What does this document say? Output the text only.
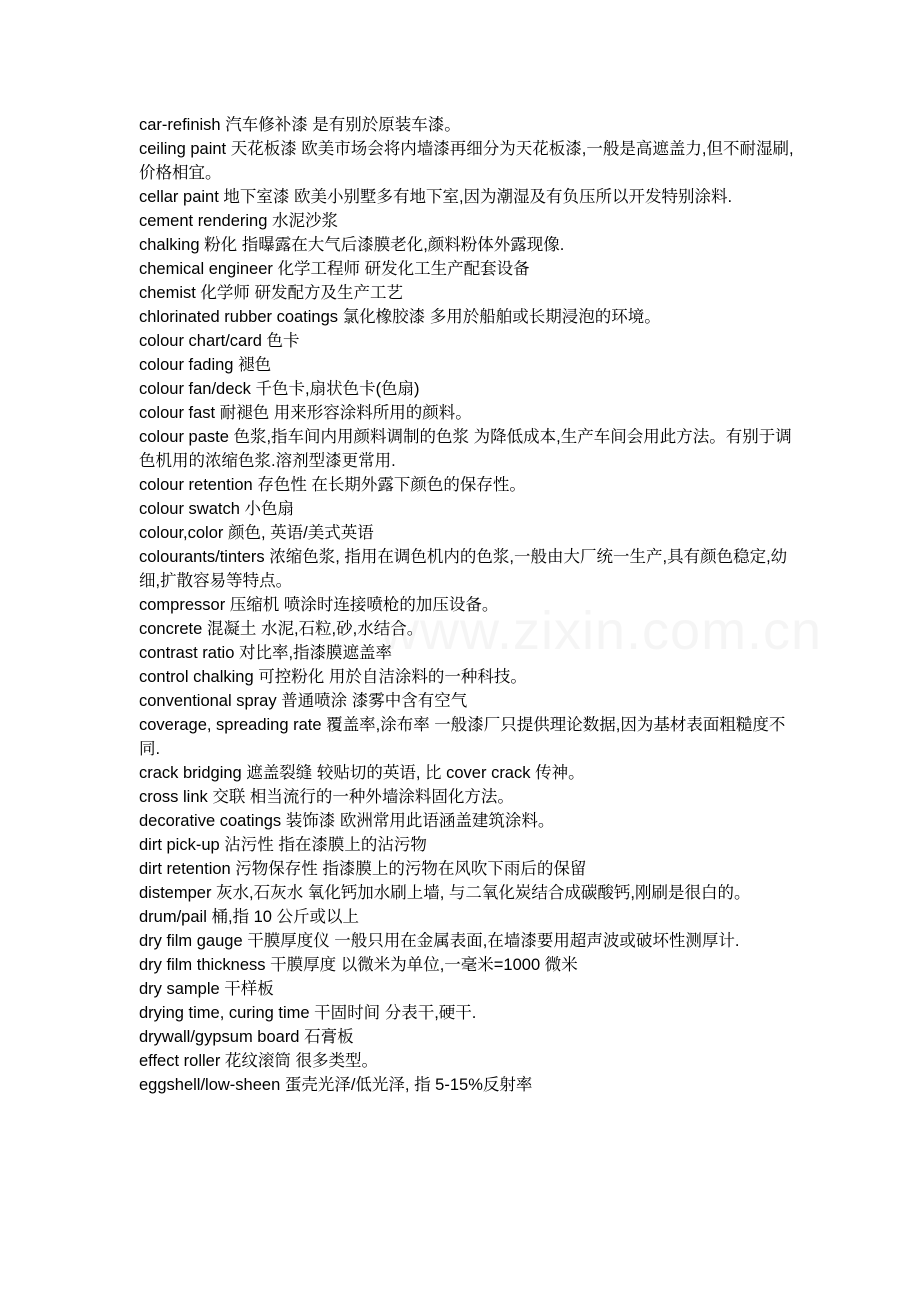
www.zixin.com.cn

car-refinish 汽车修补漆 是有别於原装车漆。

ceiling paint 天花板漆 欧美市场会将内墙漆再细分为天花板漆,一般是高遮盖力,但不耐湿刷,价格相宜。

cellar paint 地下室漆 欧美小别墅多有地下室,因为潮湿及有负压所以开发特别涂料.

cement rendering 水泥沙浆

chalking 粉化 指曝露在大气后漆膜老化,颜料粉体外露现像.

chemical engineer 化学工程师 研发化工生产配套设备

chemist 化学师 研发配方及生产工艺

chlorinated rubber coatings 氯化橡胶漆 多用於船舶或长期浸泡的环境。

colour chart/card 色卡

colour fading 褪色

colour fan/deck 千色卡,扇状色卡(色扇)

colour fast 耐褪色 用来形容涂料所用的颜料。

colour paste 色浆,指车间内用颜料调制的色浆 为降低成本,生产车间会用此方法。有别于调色机用的浓缩色浆.溶剂型漆更常用.

colour retention 存色性 在长期外露下颜色的保存性。

colour swatch 小色扇

colour,color 颜色, 英语/美式英语

colourants/tinters 浓缩色浆, 指用在调色机内的色浆,一般由大厂统一生产,具有颜色稳定,幼细,扩散容易等特点。

compressor 压缩机 喷涂时连接喷枪的加压设备。

concrete 混凝土 水泥,石粒,砂,水结合。

contrast ratio 对比率,指漆膜遮盖率

control chalking 可控粉化 用於自洁涂料的一种科技。

conventional spray 普通喷涂 漆雾中含有空气

coverage, spreading rate 覆盖率,涂布率 一般漆厂只提供理论数据,因为基材表面粗糙度不同.

crack bridging 遮盖裂缝 较贴切的英语, 比 cover crack 传神。

cross link 交联 相当流行的一种外墙涂料固化方法。

decorative coatings 装饰漆 欧洲常用此语涵盖建筑涂料。

dirt pick-up 沾污性 指在漆膜上的沾污物

dirt retention 污物保存性 指漆膜上的污物在风吹下雨后的保留

distemper 灰水,石灰水 氧化钙加水刷上墙, 与二氧化炭结合成碳酸钙,刚刷是很白的。

drum/pail 桶,指 10 公斤或以上

dry film gauge 干膜厚度仪 一般只用在金属表面,在墙漆要用超声波或破坏性测厚计.

dry film thickness 干膜厚度 以微米为单位,一毫米=1000 微米

dry sample 干样板

drying time, curing time 干固时间 分表干,硬干.

drywall/gypsum board 石膏板

effect roller 花纹滚筒 很多类型。

eggshell/low-sheen 蛋壳光泽/低光泽, 指 5-15%反射率
